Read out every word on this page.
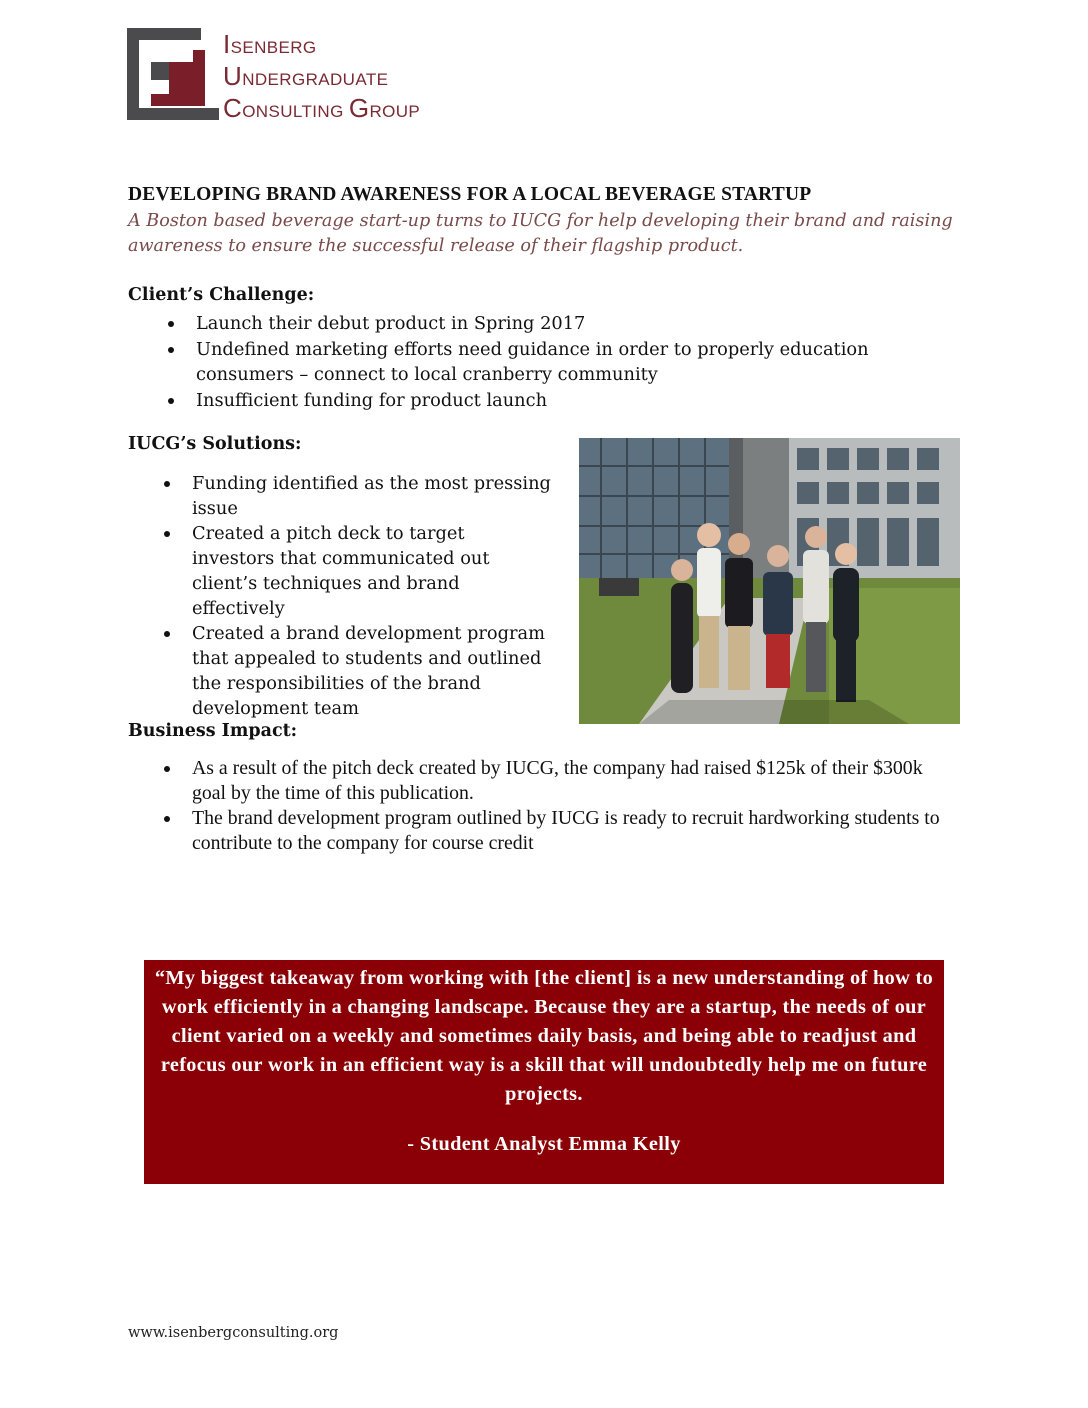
ISENBERG
UNDERGRADUATE
CONSULTING GROUP
DEVELOPING BRAND AWARENESS FOR A LOCAL BEVERAGE STARTUP

A Boston based beverage start-up turns to IUCG for help developing their brand and raising awareness to ensure the successful release of their flagship product.

Client’s Challenge:
Launch their debut product in Spring 2017
Undefined marketing efforts need guidance in order to properly education consumers – connect to local cranberry community
Insufficient funding for product launch
IUCG’s Solutions:
Funding identified as the most pressing issue
Created a pitch deck to target investors that communicated out client’s techniques and brand effectively
Created a brand development program that appealed to students and outlined the responsibilities of the brand development team
Business Impact:
As a result of the pitch deck created by IUCG, the company had raised $125k of their $300k goal by the time of this publication.
The brand development program outlined by IUCG is ready to recruit hardworking students to contribute to the company for course credit

“My biggest takeaway from working with [the client] is a new understanding of how to work efficiently in a changing landscape. Because they are a startup, the needs of our client varied on a weekly and sometimes daily basis, and being able to readjust and refocus our work in an efficient way is a skill that will undoubtedly help me on future projects.

- Student Analyst Emma Kelly

www.isenbergconsulting.org
